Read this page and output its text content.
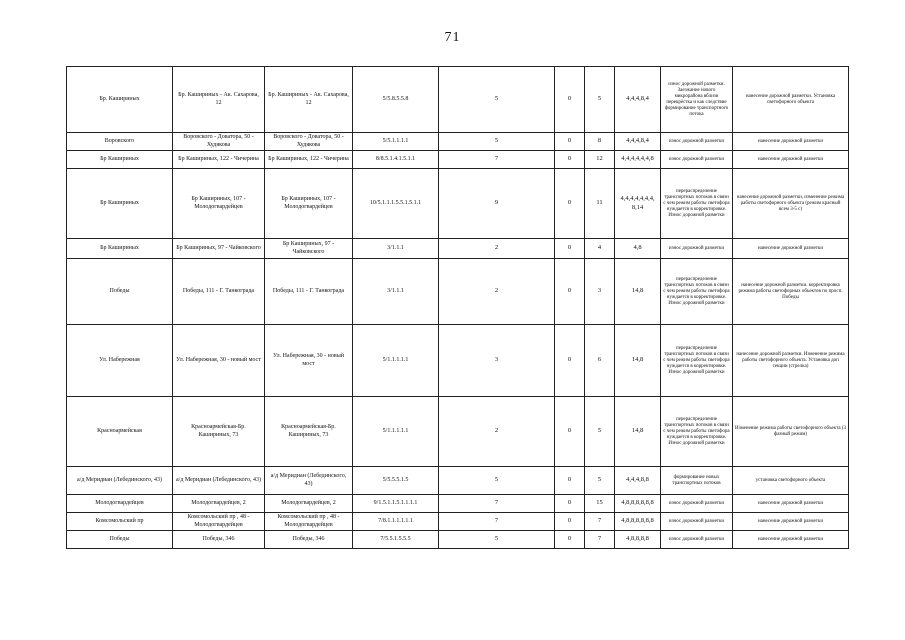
71
Бр. Кашириных	Бр. Кашириных - Ак. Сахарова, 12	Бр. Кашириных - Ак. Сахарова, 12	5/5.8.5.5.8	5	0	5	4,4,4,8,4	износ дорожной разметки. Заезжание нового микрорайона вблизи перекрёстка и как следствие формирование транспортного потока	нанесение дорожной разметки. Установка светофорного объекта
Воровского	Воровского - Доватора, 50 - Худякова	Воровского - Доватора, 50 - Худякова	5/5.1.1.1.1	5	0	8	4,4,4,8,4	износ дорожной разметки	нанесение дорожной разметки
Бр Кашириных	Бр Кашириных, 122 - Чичерина	Бр Кашириных, 122 - Чичерина	8/8.5.1.4.1.5.1.1	7	0	12	4,4,4,4,4,4,8	износ дорожной разметки	нанесение дорожной разметки
Бр Кашириных	Бр Кашириных, 107 - Молодогвардейцев	Бр Кашириных, 107 - Молодогвардейцев	10/5.1.1.1.5.5.1.5.1.1	9	0	11	4,4,4,4,4,4,4, 8,14	перераспределение транспортных потоков в связи с чем режим работы светофора нуждается в корректировке. Износ дорожной разметки	нанесение дорожной разметки, изменение режима работы светофорного объекта (режим красный всем 3-5 с)
Бр Кашириных	Бр Кашириных, 97 - Чайковского	Бр Кашириных, 97 - Чайковского	3/1.1.1	2	0	4	4,8	износ дорожной разметки	нанесение дорожной разметки
Победы	Победы, 111 - Г. Танкограда	Победы, 111 - Г. Танкограда	3/1.1.1	2	0	3	14,8	перераспределение транспортных потоков в связи с чем режим работы светофора нуждается в корректировке. Износ дорожной разметки	нанесение дорожной разметки. корректировка режима работы светофорных объектов по просп. Победы
Ул. Набережная	Ул. Набережная, 30 - новый мост	Ул. Набережная, 30 - новый мост	5/1.1.1.1.1	3	0	6	14,8	перераспределение транспортных потоков в связи с чем режим работы светофора нуждается в корректировке. Износ дорожной разметки	нанесение дорожной разметки. Изменение режима работы светофорного объекта. Установка доп секции (стрелка)
Красноармейская	Красноармейская-Бр. Кашириных, 73	Красноармейская-Бр. Кашириных, 73	5/1.1.1.1.1	2	0	5	14,8	перераспределение транспортных потоков в связи с чем режим работы светофора нуждается в корректировке. Износ дорожной разметки	Изменение режима работы светофорного объекта (3 фазный режим)
а/д Меридиан (Лебединского, 43)	а/д Меридиан (Лебединского, 43)	а/д Меридиан (Лебединского, 43)	5/5.5.5.1.5	5	0	5	4,4,4,8,8	формирование новых транспортных потоков	установка светофорного объекта
Молодогвардейцев	Молодогвардейцев, 2	Молодогвардейцев, 2	9/1.5.1.1.5.1.1.1.1	7	0	15	4,8,8,8,8,8,8	износ дорожной разметки	нанесение дорожной разметки
Комсомольский пр	Комсомольский пр , 48 - Молодогвардейцев	Комсомольский пр , 48 - Молодогвардейцев	7/8.1.1.1.1.1.1	7	0	7	4,8,8,8,8,8,8	износ дорожной разметки	нанесение дорожной разметки
Победы	Победы, 346	Победы, 346	7/5.5.1.5.5.5	5	0	7	4,8,8,8,8	износ дорожной разметки	нанесение дорожной разметки
